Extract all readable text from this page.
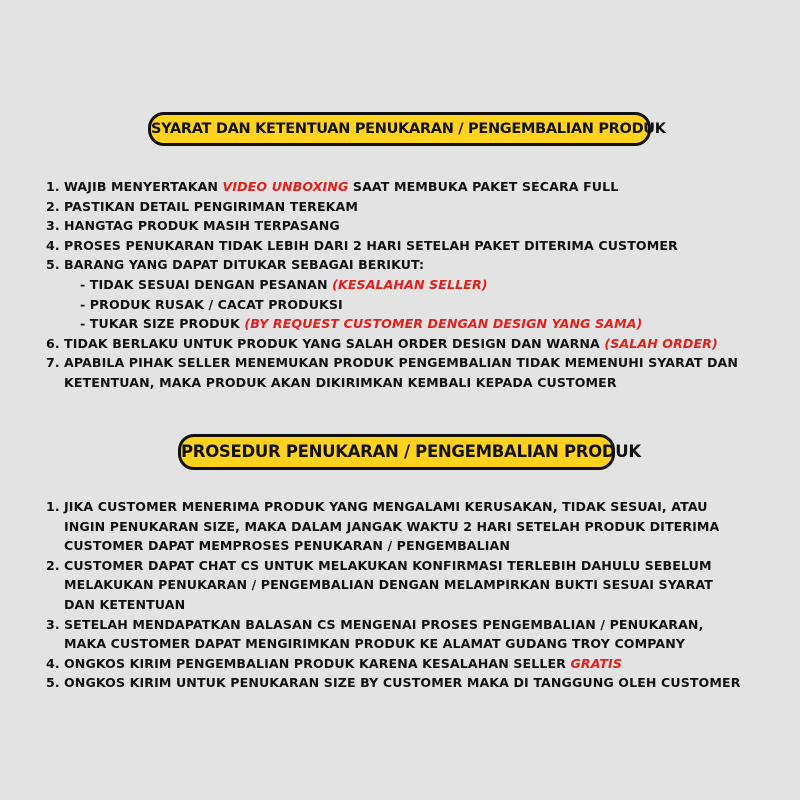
SYARAT DAN KETENTUAN PENUKARAN / PENGEMBALIAN PRODUK
1. WAJIB MENYERTAKAN VIDEO UNBOXING SAAT MEMBUKA PAKET SECARA FULL
2. PASTIKAN DETAIL PENGIRIMAN TEREKAM
3. HANGTAG PRODUK MASIH TERPASANG
4. PROSES PENUKARAN TIDAK LEBIH DARI 2 HARI SETELAH PAKET DITERIMA CUSTOMER
5. BARANG YANG DAPAT DITUKAR SEBAGAI BERIKUT:
- TIDAK SESUAI DENGAN PESANAN (KESALAHAN SELLER)
- PRODUK RUSAK / CACAT PRODUKSI
- TUKAR SIZE PRODUK (BY REQUEST CUSTOMER DENGAN DESIGN YANG SAMA)
6. TIDAK BERLAKU UNTUK PRODUK YANG SALAH ORDER DESIGN DAN WARNA (SALAH ORDER)
7. APABILA PIHAK SELLER MENEMUKAN PRODUK PENGEMBALIAN TIDAK MEMENUHI SYARAT DAN
KETENTUAN, MAKA PRODUK AKAN DIKIRIMKAN KEMBALI KEPADA CUSTOMER
PROSEDUR PENUKARAN / PENGEMBALIAN PRODUK
1. JIKA CUSTOMER MENERIMA PRODUK YANG MENGALAMI KERUSAKAN, TIDAK SESUAI, ATAU
INGIN PENUKARAN SIZE, MAKA DALAM JANGAK WAKTU 2 HARI SETELAH PRODUK DITERIMA
CUSTOMER DAPAT MEMPROSES PENUKARAN / PENGEMBALIAN
2. CUSTOMER DAPAT CHAT CS UNTUK MELAKUKAN KONFIRMASI TERLEBIH DAHULU SEBELUM
MELAKUKAN PENUKARAN / PENGEMBALIAN DENGAN MELAMPIRKAN BUKTI SESUAI SYARAT
DAN KETENTUAN
3. SETELAH MENDAPATKAN BALASAN CS MENGENAI PROSES PENGEMBALIAN / PENUKARAN,
MAKA CUSTOMER DAPAT MENGIRIMKAN PRODUK KE ALAMAT GUDANG TROY COMPANY
4. ONGKOS KIRIM PENGEMBALIAN PRODUK KARENA KESALAHAN SELLER GRATIS
5. ONGKOS KIRIM UNTUK PENUKARAN SIZE BY CUSTOMER MAKA DI TANGGUNG OLEH CUSTOMER
